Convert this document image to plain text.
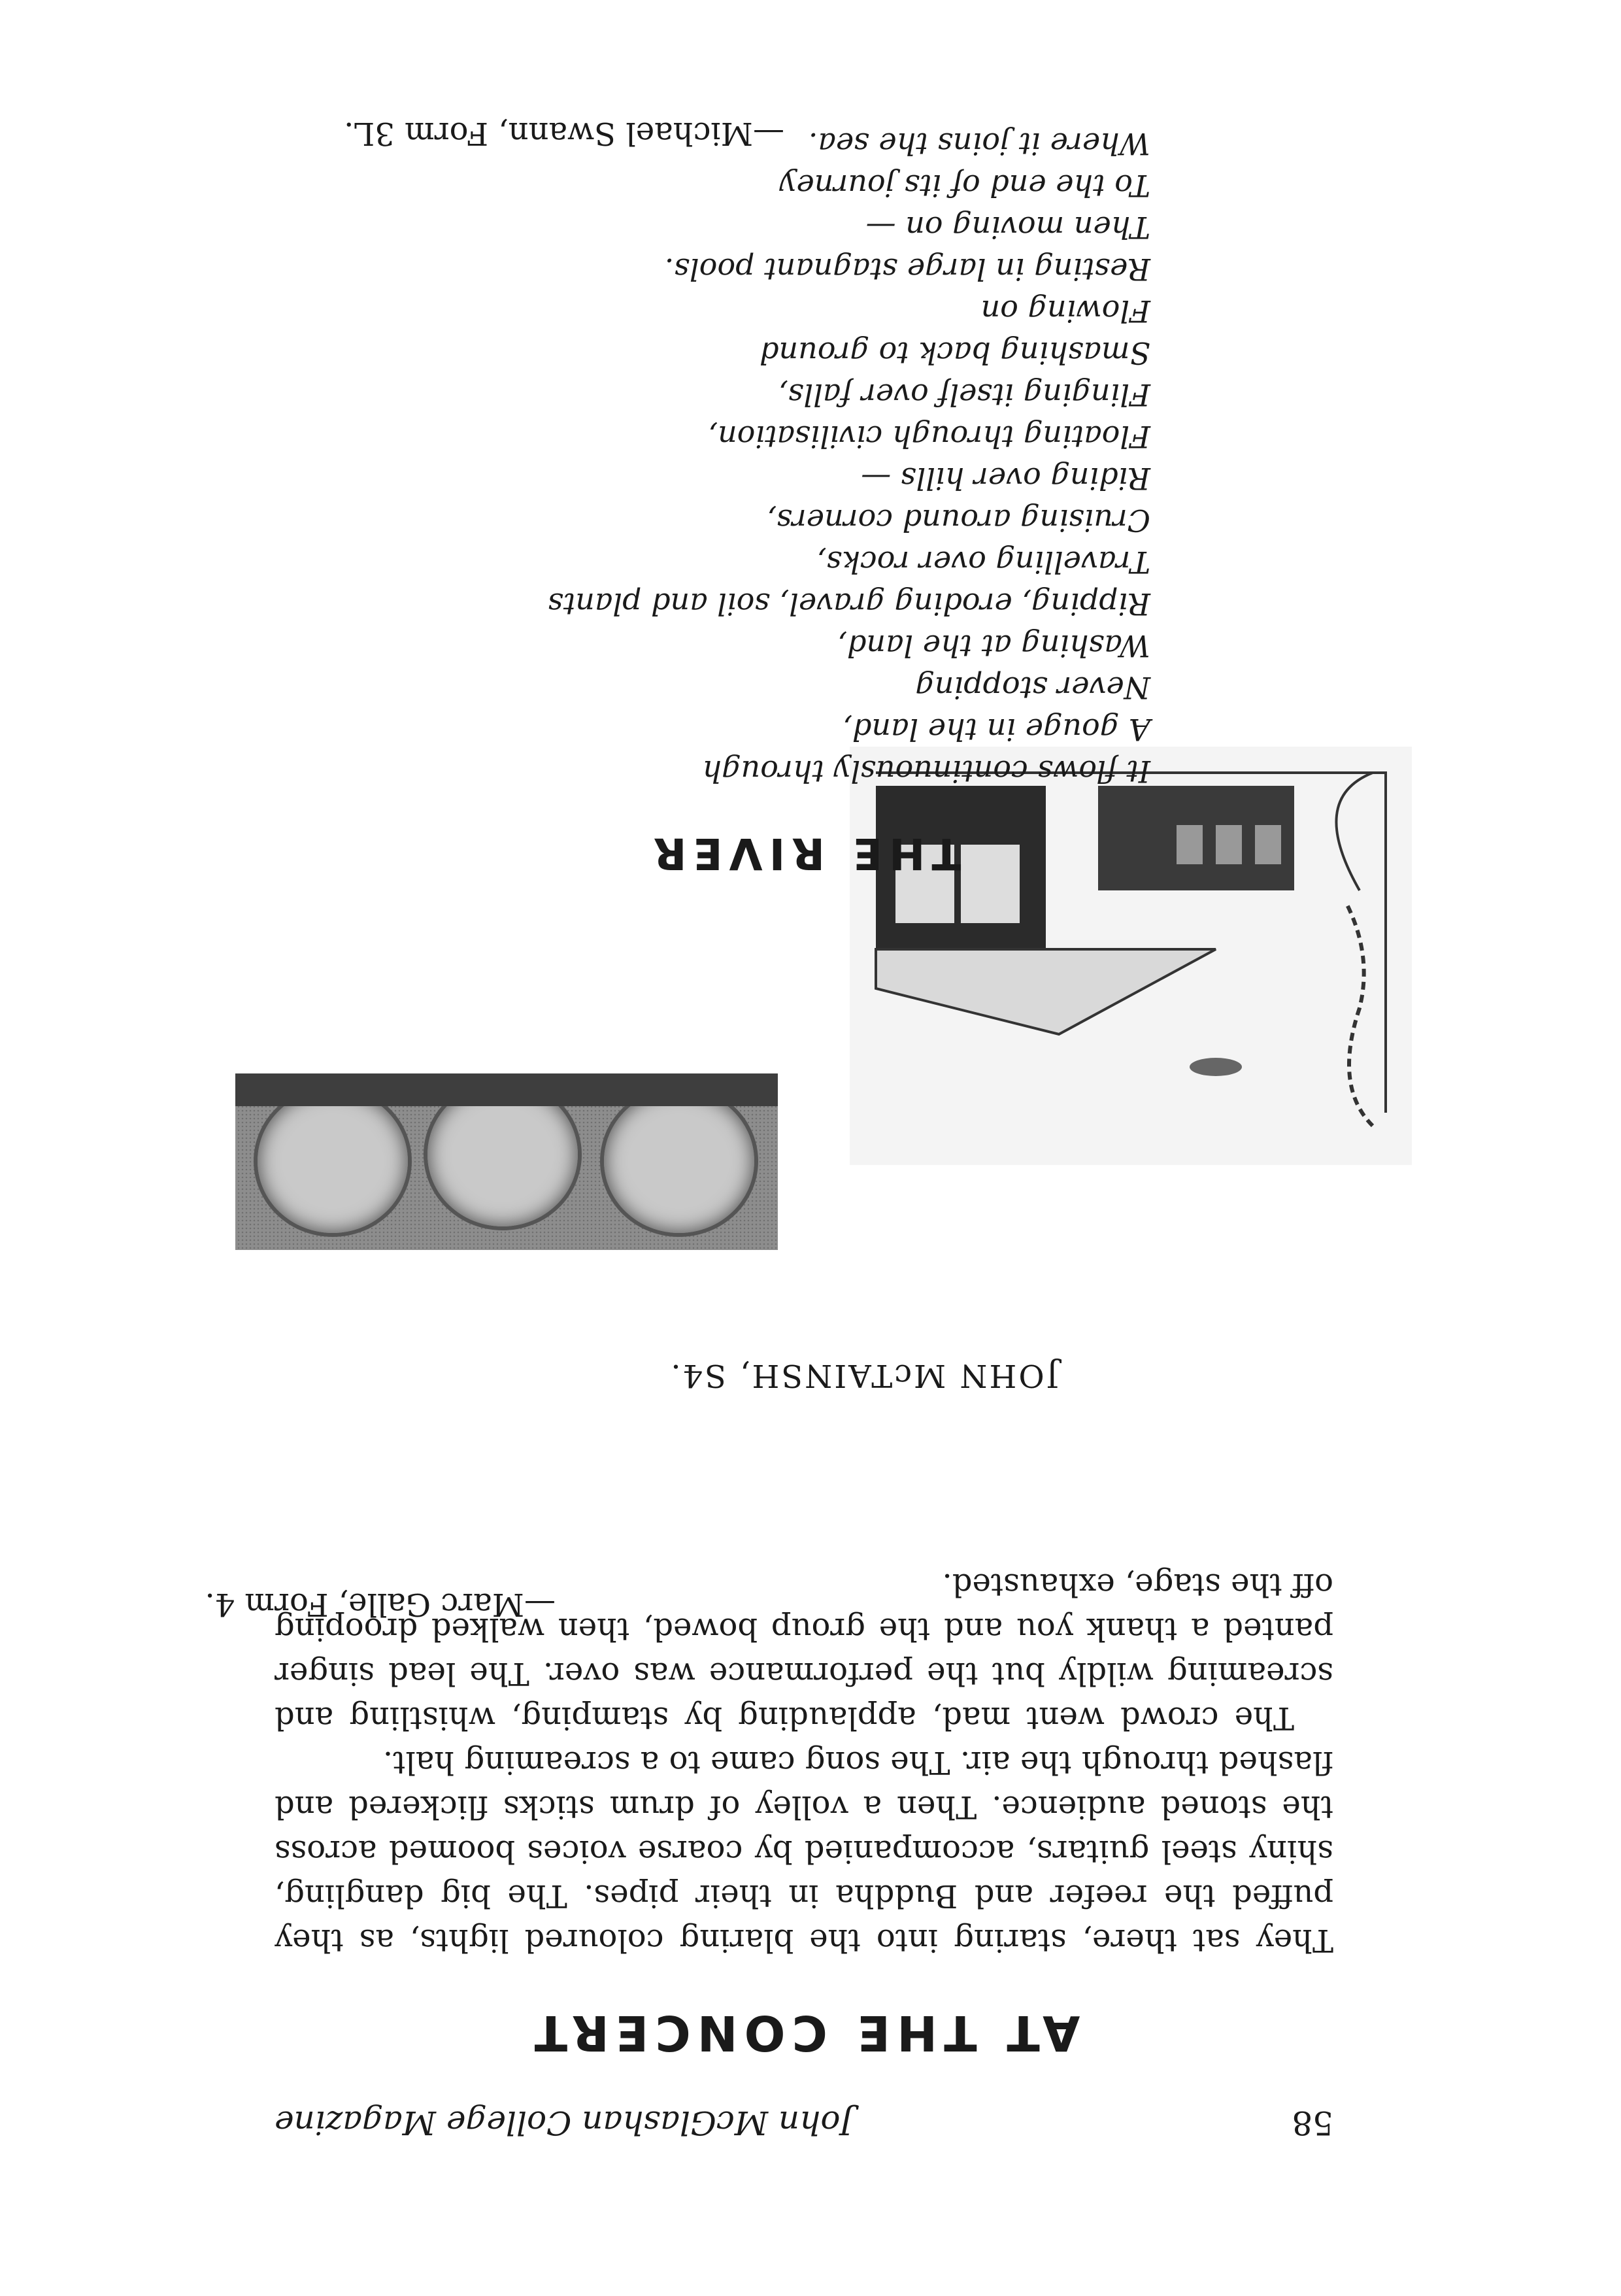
58
John McGlashan College Magazine
AT THE CONCERT

They sat there, staring into the blaring coloured lights, as they puffed the reefer and Buddha in their pipes. The big dangling, shiny steel guitars, accompanied by coarse voices boomed across the stoned audience. Then a volley of drum sticks flickered and flashed through the air. The song came to a screaming halt.

The crowd went mad, applauding by stamping, whistling and screaming wildly but the performance was over. The lead singer panted a thank you and the group bowed, then walked drooping off the stage, exhausted.

—Marc Galle, Form 4.
JOHN McTAINSH, S4.
THE RIVER
It flows continuously through
A gouge in the land,
Never stopping
Washing at the land,
Ripping, eroding gravel, soil and plants
Travelling over rocks,
Cruising around corners,
Riding over hills —
Floating through civilisation,
Flinging itself over falls,
Smashing back to ground
Flowing on
Resting in large stagnant pools.
Then moving on —
To the end of its journey
Where it joins the sea.
—Michael Swann, Form 3L.
